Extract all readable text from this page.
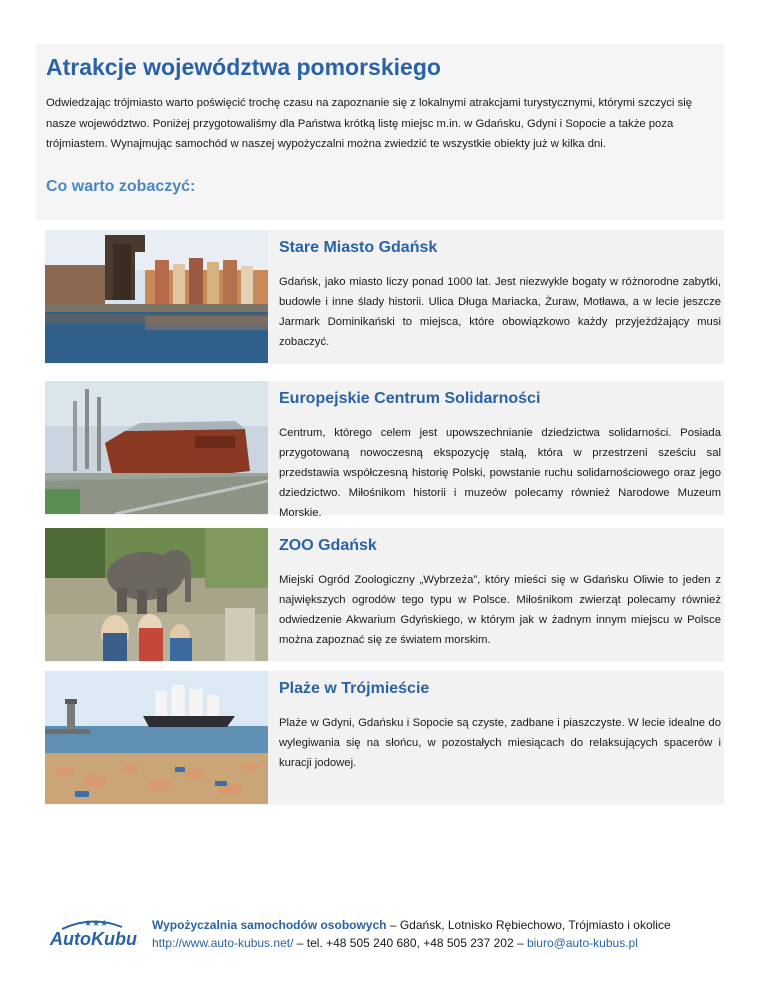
Atrakcje województwa pomorskiego

Odwiedzając trójmiasto warto poświęcić trochę czasu na zapoznanie się z lokalnymi atrakcjami turystycznymi, którymi szczyci się nasze województwo. Poniżej przygotowaliśmy dla Państwa krótką listę miejsc m.in. w Gdańsku, Gdyni i Sopocie a także poza trójmiastem. Wynajmując samochód w naszej wypożyczalni można zwiedzić te wszystkie obiekty już w kilka dni.

Co warto zobaczyć:
Stare Miasto Gdańsk

Gdańsk, jako miasto liczy ponad 1000 lat. Jest niezwykle bogaty w różnorodne zabytki, budowle i inne ślady historii. Ulica Długa Mariacka, Żuraw, Motława, a w lecie jeszcze Jarmark Dominikański to miejsca, które obowiązkowo każdy przyjeżdżający musi zobaczyć.

Europejskie Centrum Solidarności

Centrum, którego celem jest upowszechnianie dziedzictwa solidarności. Posiada przygotowaną nowoczesną ekspozycję stałą, która w przestrzeni sześciu sal przedstawia współczesną historię Polski, powstanie ruchu solidarnościowego oraz jego dziedzictwo. Miłośnikom historii i muzeów polecamy również Narodowe Muzeum Morskie.

ZOO Gdańsk

Miejski Ogród Zoologiczny „Wybrzeża”, który mieści się w Gdańsku Oliwie to jeden z największych ogrodów tego typu w Polsce. Miłośnikom zwierząt polecamy również odwiedzenie Akwarium Gdyńskiego, w którym jak w żadnym innym miejscu w Polsce można zapoznać się ze światem morskim.

Plaże w Trójmieście

Plaże w Gdyni, Gdańsku i Sopocie są czyste, zadbane i piaszczyste. W lecie idealne do wylegiwania się na słońcu, w pozostałych miesiącach do relaksujących spacerów i kuracji jodowej.

★★★
AutoKubus
Wypożyczalnia samochodów osobowych – Gdańsk, Lotnisko Rębiechowo, Trójmiasto i okolice
http://www.auto-kubus.net/ – tel. +48 505 240 680, +48 505 237 202 – biuro@auto-kubus.pl
